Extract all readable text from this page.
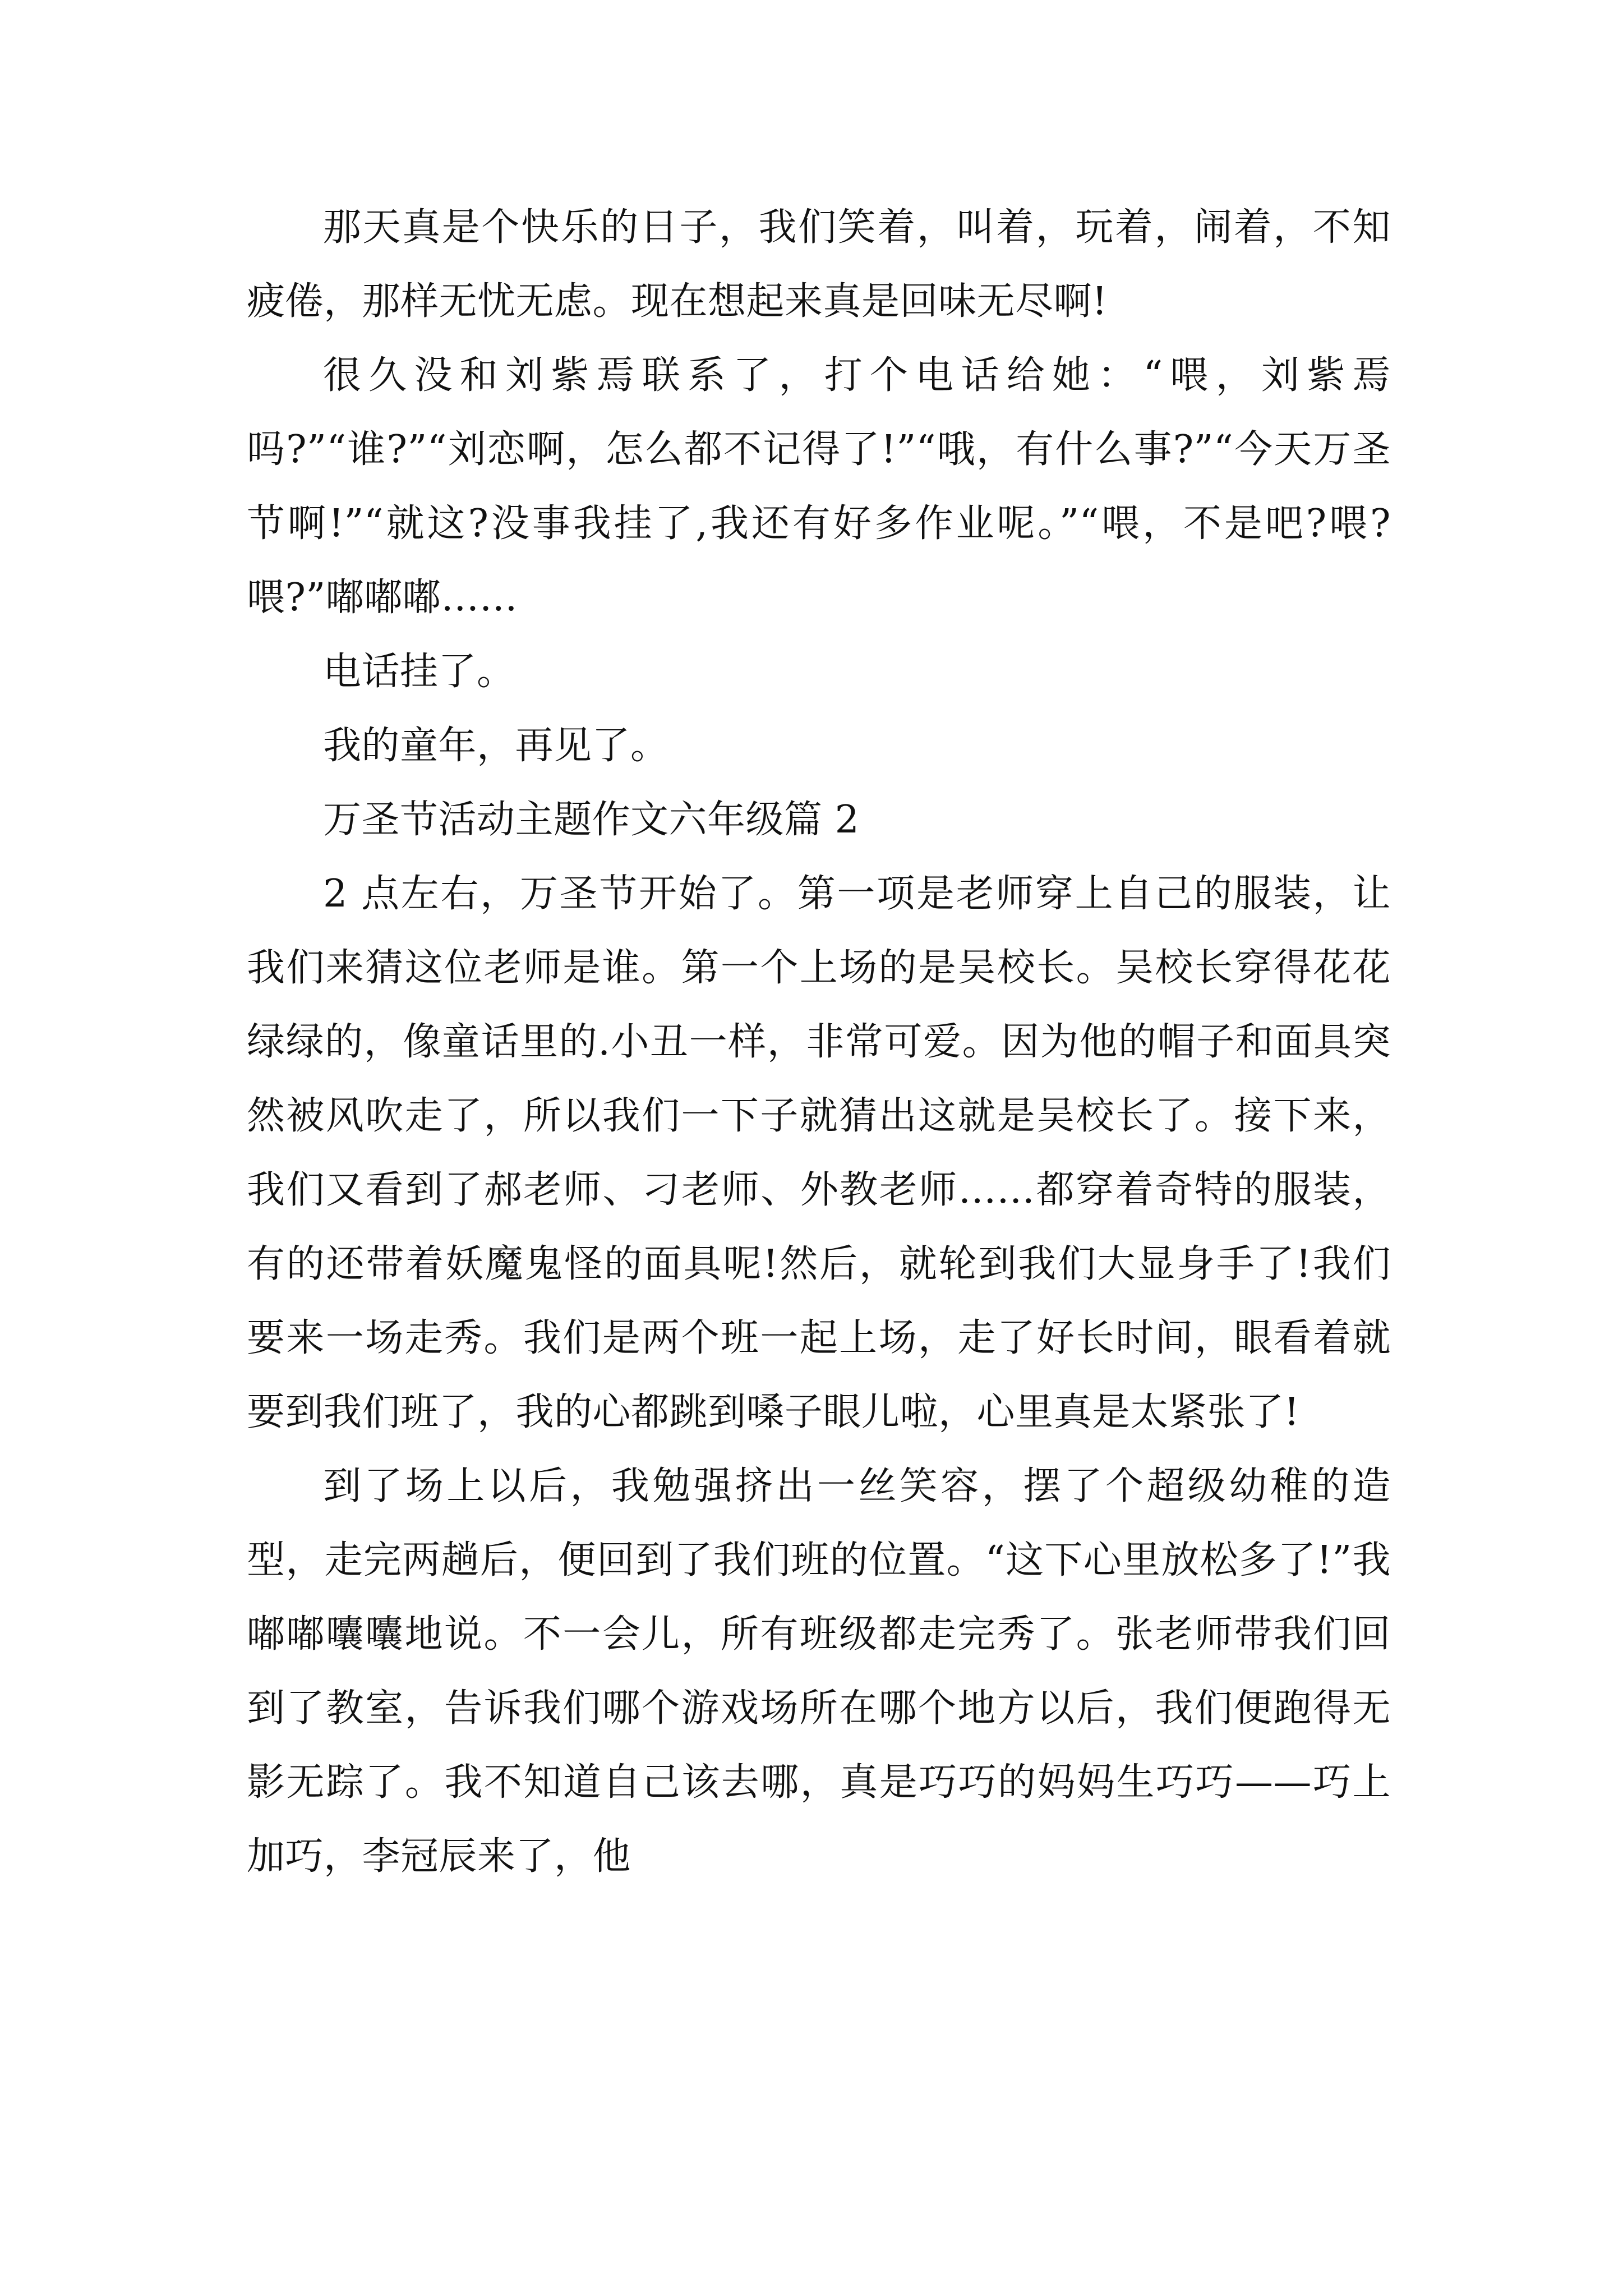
那天真是个快乐的日子，我们笑着，叫着，玩着，闹着，不知疲倦，那样无忧无虑。现在想起来真是回味无尽啊!

很久没和刘紫焉联系了，打个电话给她：“喂，刘紫焉吗?”“谁?”“刘恋啊，怎么都不记得了!”“哦，有什么事?”“今天万圣节啊!”“就这?没事我挂了,我还有好多作业呢。”“喂，不是吧?喂?喂?”嘟嘟嘟……

电话挂了。

我的童年，再见了。

万圣节活动主题作文六年级篇 2

2 点左右，万圣节开始了。第一项是老师穿上自己的服装，让我们来猜这位老师是谁。第一个上场的是吴校长。吴校长穿得花花绿绿的，像童话里的.小丑一样，非常可爱。因为他的帽子和面具突然被风吹走了，所以我们一下子就猜出这就是吴校长了。接下来，我们又看到了郝老师、刁老师、外教老师……都穿着奇特的服装，有的还带着妖魔鬼怪的面具呢!然后，就轮到我们大显身手了!我们要来一场走秀。我们是两个班一起上场，走了好长时间，眼看着就要到我们班了，我的心都跳到嗓子眼儿啦，心里真是太紧张了!

到了场上以后，我勉强挤出一丝笑容，摆了个超级幼稚的造型，走完两趟后，便回到了我们班的位置。“这下心里放松多了!”我嘟嘟囔囔地说。不一会儿，所有班级都走完秀了。张老师带我们回到了教室，告诉我们哪个游戏场所在哪个地方以后，我们便跑得无影无踪了。我不知道自己该去哪，真是巧巧的妈妈生巧巧——巧上加巧，李冠辰来了，他
